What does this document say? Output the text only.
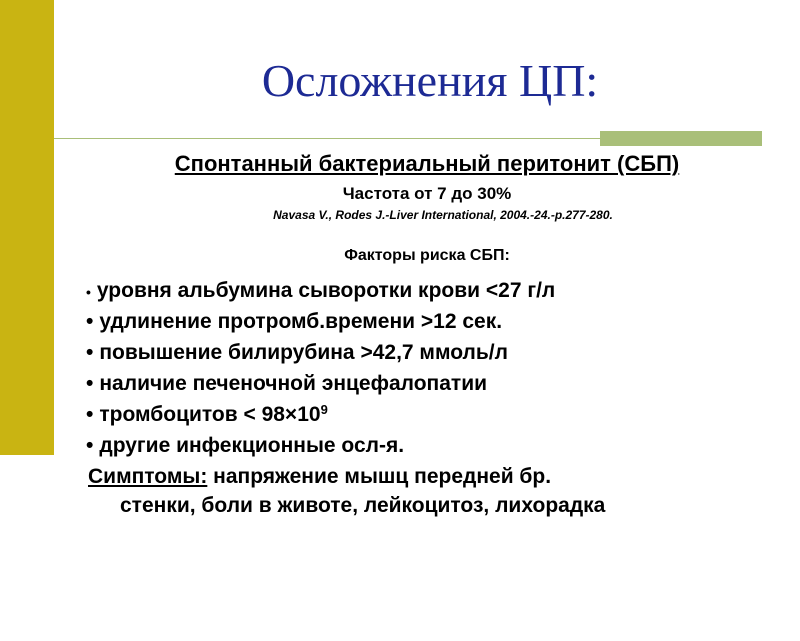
Осложнения ЦП:
Спонтанный бактериальный перитонит (СБП)
Частота от 7 до 30%
Navasa V., Rodes J.-Liver International, 2004.-24.-p.277-280.
Факторы риска СБП:
• уровня альбумина сыворотки крови <27 г/л
• удлинение протромб.времени >12 сек.
• повышение билирубина >42,7 ммоль/л
• наличие печеночной энцефалопатии
• тромбоцитов < $98\times 10^9$
• другие инфекционные осл-я.
Симптомы: напряжение мышц передней бр.
стенки, боли в животе, лейкоцитоз, лихорадка
